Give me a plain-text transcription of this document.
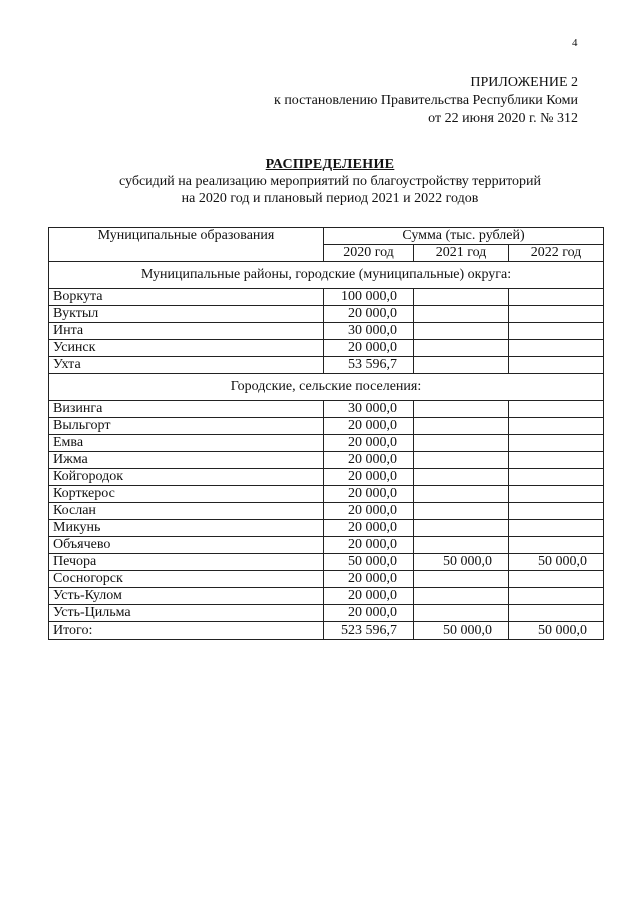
4
ПРИЛОЖЕНИЕ 2
к постановлению Правительства Республики Коми
от 22 июня 2020 г. № 312
РАСПРЕДЕЛЕНИЕ
субсидий на реализацию мероприятий по благоустройству территорий
на 2020 год и плановый период 2021 и 2022 годов
Муниципальные образования	Сумма (тыс. рублей)		
	2020 год	2021 год	2022 год
Муниципальные районы, городские (муниципальные) округа:			
Воркута	100 000,0		
Вуктыл	20 000,0		
Инта	30 000,0		
Усинск	20 000,0		
Ухта	53 596,7		
Городские, сельские поселения:			
Визинга	30 000,0		
Выльгорт	20 000,0		
Емва	20 000,0		
Ижма	20 000,0		
Койгородок	20 000,0		
Корткерос	20 000,0		
Кослан	20 000,0		
Микунь	20 000,0		
Объячево	20 000,0		
Печора	50 000,0	50 000,0	50 000,0
Сосногорск	20 000,0		
Усть-Кулом	20 000,0		
Усть-Цильма	20 000,0		
Итого:	523 596,7	50 000,0	50 000,0
